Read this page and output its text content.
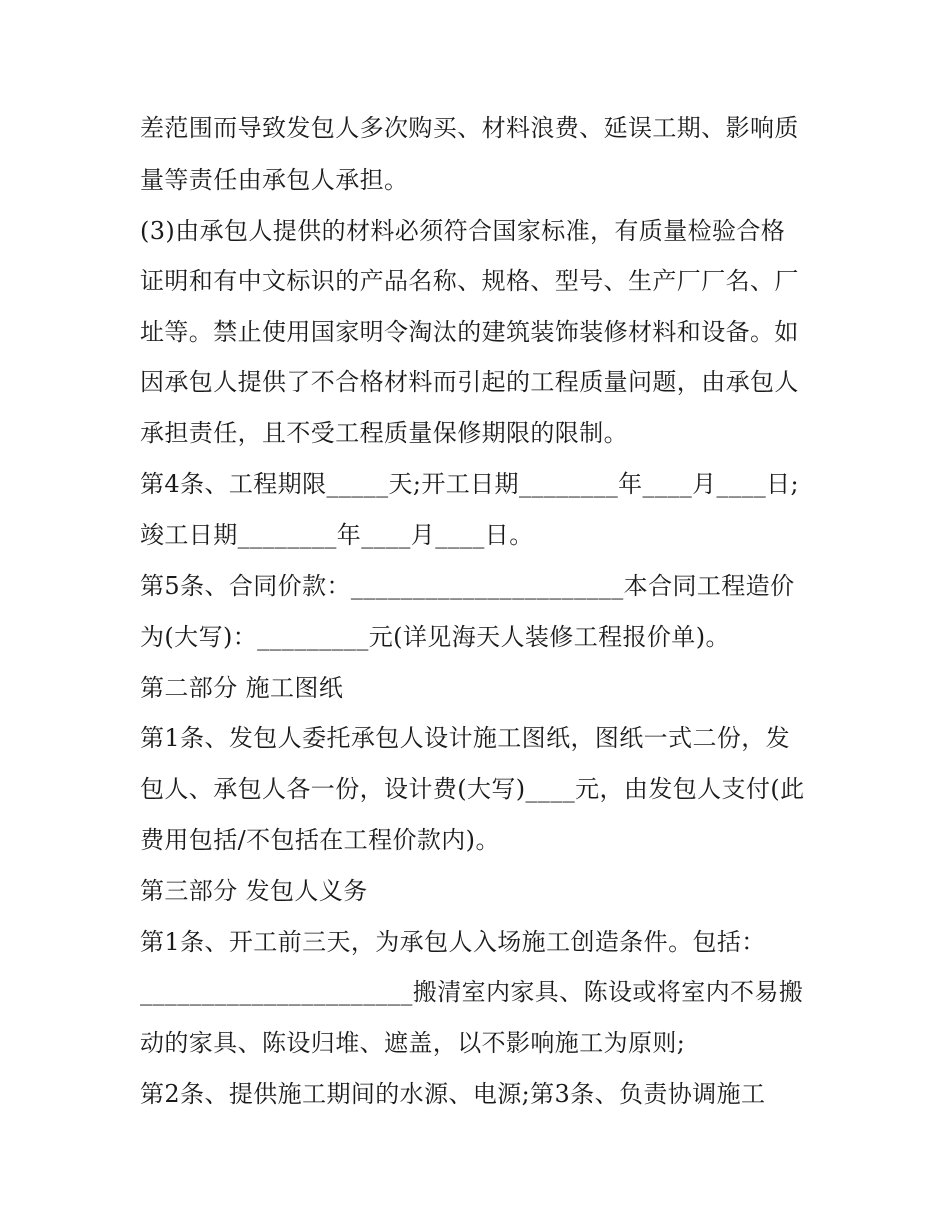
差范围而导致发包人多次购买、材料浪费、延误工期、影响质
量等责任由承包人承担。
(3)由承包人提供的材料必须符合国家标准，有质量检验合格
证明和有中文标识的产品名称、规格、型号、生产厂厂名、厂
址等。禁止使用国家明令淘汰的建筑装饰装修材料和设备。如
因承包人提供了不合格材料而引起的工程质量问题，由承包人
承担责任，且不受工程质量保修期限的限制。
第4条、工程期限_____天;开工日期________年____月____日;
竣工日期________年____月____日。
第5条、合同价款：______________________本合同工程造价
为(大写)：_________元(详见海天人装修工程报价单)。
第二部分 施工图纸
第1条、发包人委托承包人设计施工图纸，图纸一式二份，发
包人、承包人各一份，设计费(大写)____元，由发包人支付(此
费用包括/不包括在工程价款内)。
第三部分 发包人义务
第1条、开工前三天，为承包人入场施工创造条件。包括：
______________________搬清室内家具、陈设或将室内不易搬
动的家具、陈设归堆、遮盖，以不影响施工为原则;
第2条、提供施工期间的水源、电源;第3条、负责协调施工
